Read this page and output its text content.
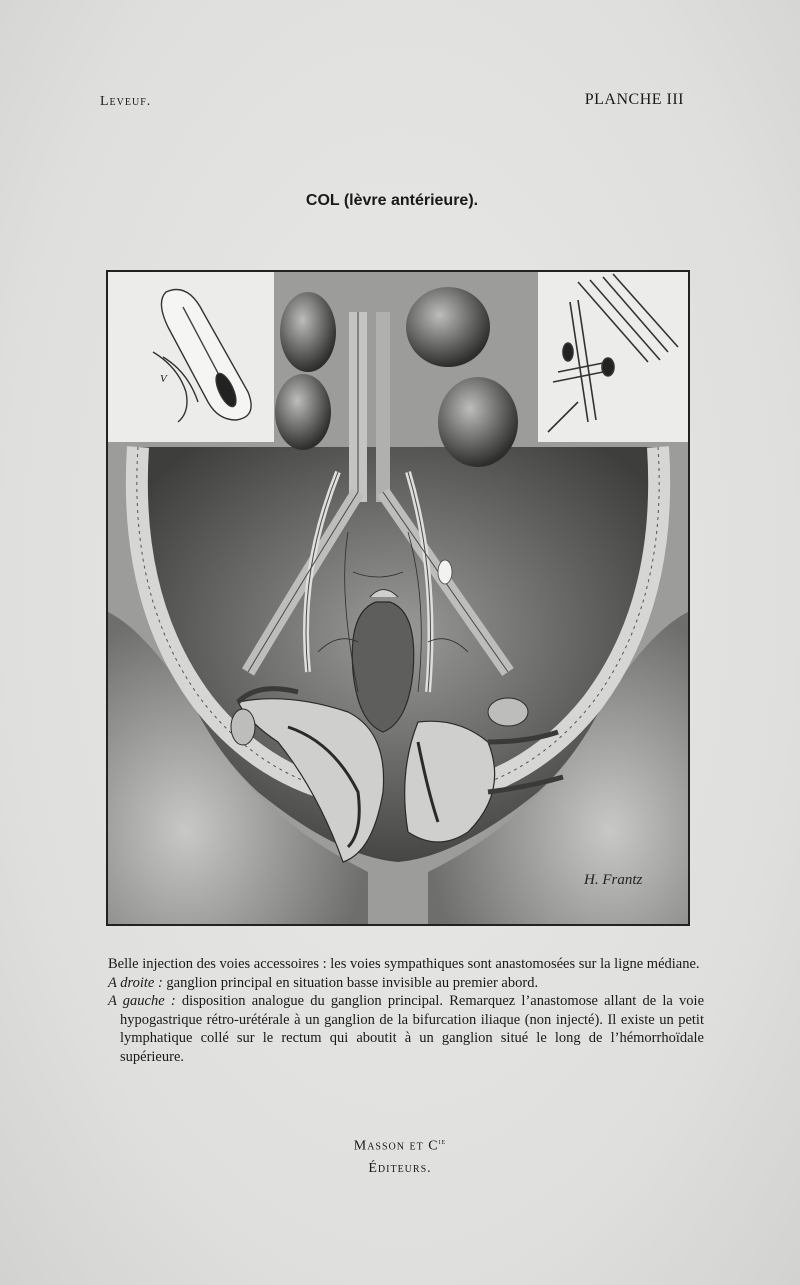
Leveuf.	PLANCHE III
COL (lèvre antérieure).
V
H. Frantz

Belle injection des voies accessoires : les voies sympathiques sont anastomosées sur la ligne médiane.

A droite : ganglion principal en situation basse invisible au premier abord.

A gauche : disposition analogue du ganglion principal. Remarquez l’anastomose allant de la voie hypogastrique rétro-urétérale à un ganglion de la bifurcation iliaque (non injecté). Il existe un petit lymphatique collé sur le rectum qui aboutit à un ganglion situé le long de l’hémorrhoïdale supérieure.

Masson et $C^{ie}$
Éditeurs.
